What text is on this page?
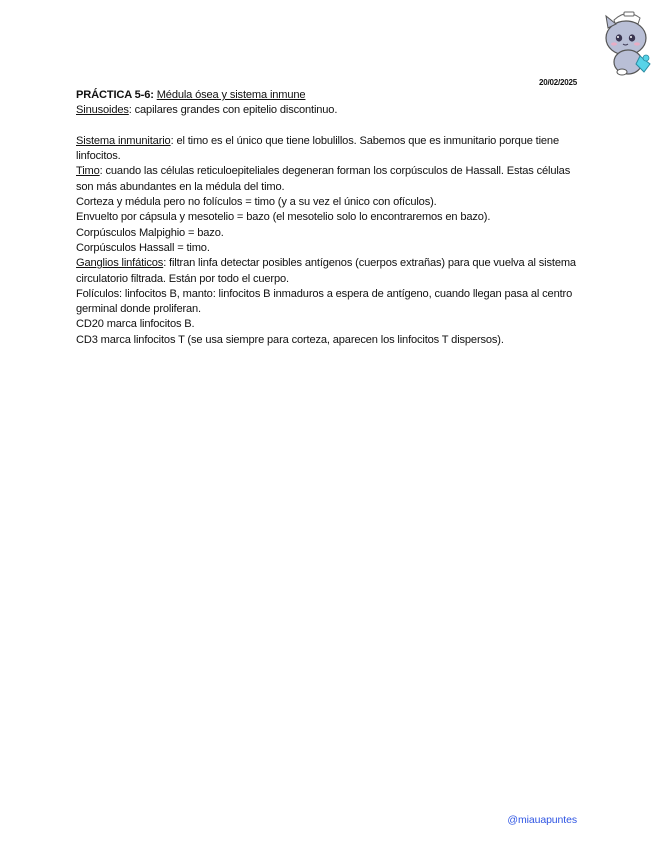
20/02/2025

PRÁCTICA 5-6: Médula ósea y sistema inmune

Sinusoides: capilares grandes con epitelio discontinuo.

Sistema inmunitario: el timo es el único que tiene lobulillos. Sabemos que es inmunitario porque tiene linfocitos.

Timo: cuando las células reticuloepiteliales degeneran forman los corpúsculos de Hassall. Estas células son más abundantes en la médula del timo.

Corteza y médula pero no folículos = timo (y a su vez el único con ofículos).

Envuelto por cápsula y mesotelio = bazo (el mesotelio solo lo encontraremos en bazo).

Corpúsculos Malpighio = bazo.

Corpúsculos Hassall = timo.

Ganglios linfáticos: filtran linfa detectar posibles antígenos (cuerpos extrañas) para que vuelva al sistema circulatorio filtrada. Están por todo el cuerpo.

Folículos: linfocitos B, manto: linfocitos B inmaduros a espera de antígeno, cuando llegan pasa al centro germinal donde proliferan.

CD20 marca linfocitos B.

CD3 marca linfocitos T (se usa siempre para corteza, aparecen los linfocitos T dispersos).

@miauapuntes
